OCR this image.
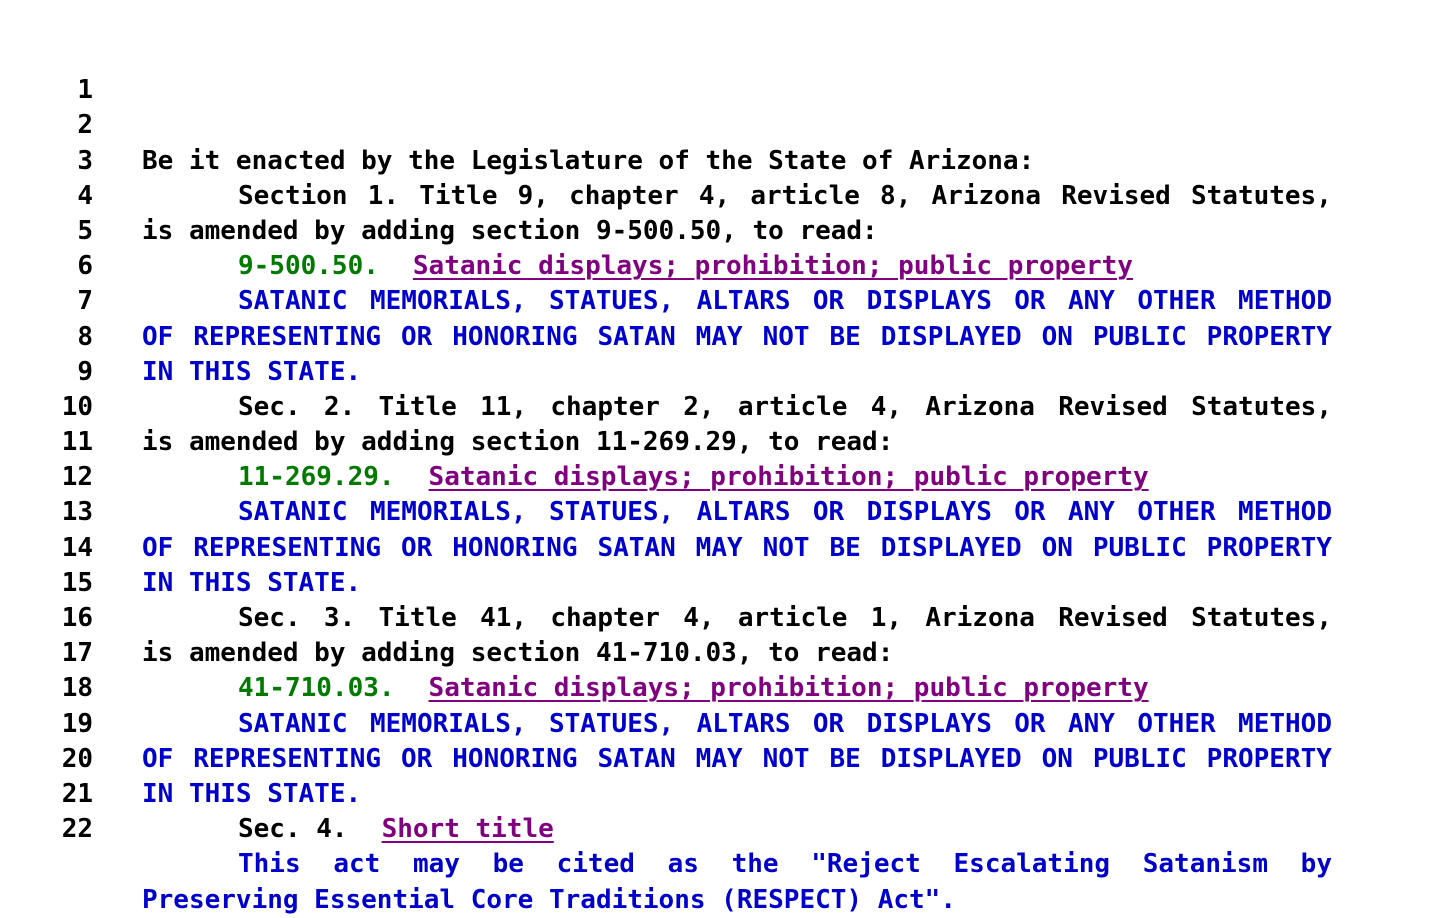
1

Be it enacted by the Legislature of the State of Arizona:

2

Section 1. Title 9, chapter 4, article 8, Arizona Revised Statutes,

3

is amended by adding section 9-500.50, to read:

4

9-500.50. Satanic displays; prohibition; public property

5

SATANIC MEMORIALS, STATUES, ALTARS OR DISPLAYS OR ANY OTHER METHOD

6

OF REPRESENTING OR HONORING SATAN MAY NOT BE DISPLAYED ON PUBLIC PROPERTY

7

IN THIS STATE.

8

Sec. 2. Title 11, chapter 2, article 4, Arizona Revised Statutes,

9

is amended by adding section 11-269.29, to read:

10

11-269.29. Satanic displays; prohibition; public property

11

SATANIC MEMORIALS, STATUES, ALTARS OR DISPLAYS OR ANY OTHER METHOD

12

OF REPRESENTING OR HONORING SATAN MAY NOT BE DISPLAYED ON PUBLIC PROPERTY

13

IN THIS STATE.

14

Sec. 3. Title 41, chapter 4, article 1, Arizona Revised Statutes,

15

is amended by adding section 41-710.03, to read:

16

41-710.03. Satanic displays; prohibition; public property

17

SATANIC MEMORIALS, STATUES, ALTARS OR DISPLAYS OR ANY OTHER METHOD

18

OF REPRESENTING OR HONORING SATAN MAY NOT BE DISPLAYED ON PUBLIC PROPERTY

19

IN THIS STATE.

20

Sec. 4. Short title

21

This act may be cited as the "Reject Escalating Satanism by

22

Preserving Essential Core Traditions (RESPECT) Act".
